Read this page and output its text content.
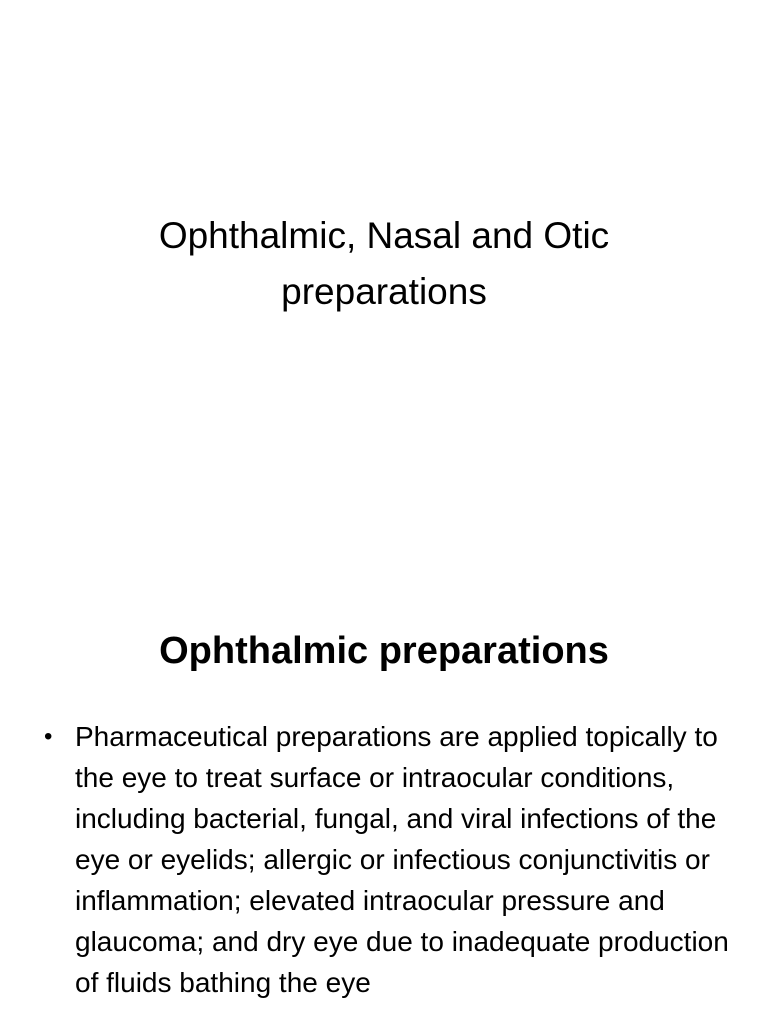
Ophthalmic, Nasal and Otic
preparations
Ophthalmic preparations
• Pharmaceutical preparations are applied topically to the eye to treat surface or intraocular conditions, including bacterial, fungal, and viral infections of the eye or eyelids; allergic or infectious conjunctivitis or inflammation; elevated intraocular pressure and glaucoma; and dry eye due to inadequate production of fluids bathing the eye
